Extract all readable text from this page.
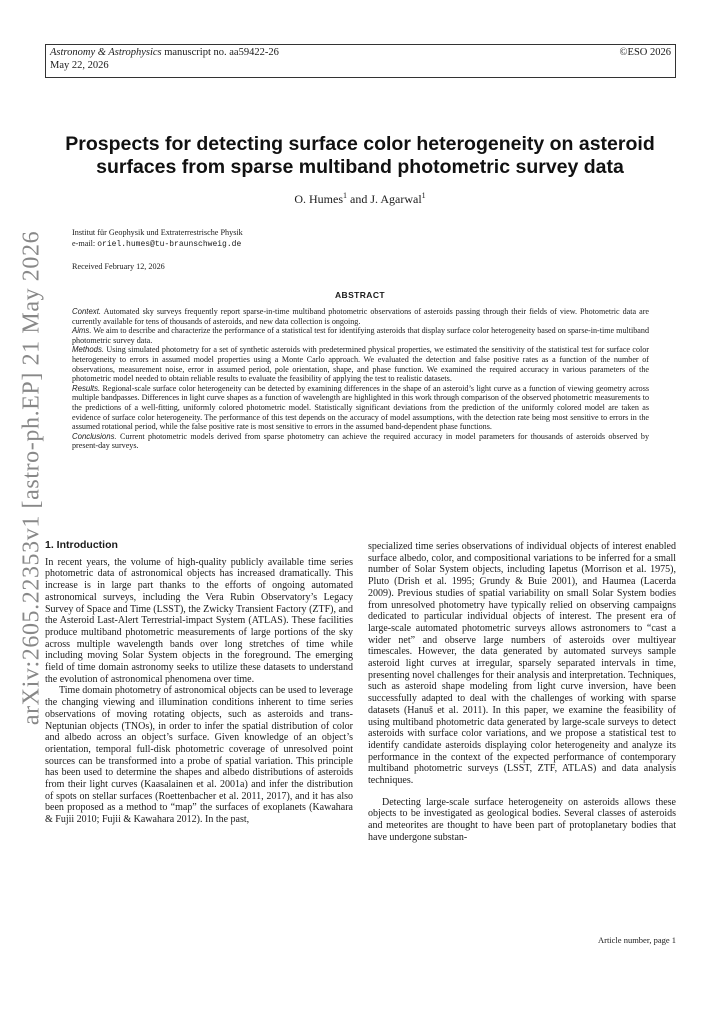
Astronomy & Astrophysics manuscript no. aa59422-26
May 22, 2026
©ESO 2026
arXiv:2605.22353v1 [astro-ph.EP] 21 May 2026
Prospects for detecting surface color heterogeneity on asteroid surfaces from sparse multiband photometric survey data
O. Humes$^1$ and J. Agarwal$^1$
Institut für Geophysik und Extraterrestrische Physik
e-mail: oriel.humes@tu-braunschweig.de
Received February 12, 2026
ABSTRACT

Context. Automated sky surveys frequently report sparse-in-time multiband photometric observations of asteroids passing through their fields of view. Photometric data are currently available for tens of thousands of asteroids, and new data collection is ongoing.

Aims. We aim to describe and characterize the performance of a statistical test for identifying asteroids that display surface color heterogeneity based on sparse-in-time multiband photometric survey data.

Methods. Using simulated photometry for a set of synthetic asteroids with predetermined physical properties, we estimated the sensitivity of the statistical test for surface color heterogeneity to errors in assumed model properties using a Monte Carlo approach. We evaluated the detection and false positive rates as a function of the number of observations, measurement noise, error in assumed period, pole orientation, shape, and phase function. We examined the required accuracy in various parameters of the photometric model needed to obtain reliable results to evaluate the feasibility of applying the test to realistic datasets.

Results. Regional-scale surface color heterogeneity can be detected by examining differences in the shape of an asteroid’s light curve as a function of viewing geometry across multiple bandpasses. Differences in light curve shapes as a function of wavelength are highlighted in this work through comparison of the observed photometric measurements to the predictions of a well-fitting, uniformly colored photometric model. Statistically significant deviations from the prediction of the uniformly colored model are taken as evidence of surface color heterogeneity. The performance of this test depends on the accuracy of model assumptions, with the detection rate being most sensitive to errors in the assumed rotational period, while the false positive rate is most sensitive to errors in the assumed band-dependent phase functions.

Conclusions. Current photometric models derived from sparse photometry can achieve the required accuracy in model parameters for thousands of asteroids observed by present-day surveys.

1. Introduction

In recent years, the volume of high-quality publicly available time series photometric data of astronomical objects has increased dramatically. This increase is in large part thanks to the efforts of ongoing automated astronomical surveys, including the Vera Rubin Observatory’s Legacy Survey of Space and Time (LSST), the Zwicky Transient Factory (ZTF), and the Asteroid Last-Alert Terrestrial-impact System (ATLAS). These facilities produce multiband photometric measurements of large portions of the sky across multiple wavelength bands over long stretches of time while including moving Solar System objects in the foreground. The emerging field of time domain astronomy seeks to utilize these datasets to understand the evolution of astronomical phenomena over time.

Time domain photometry of astronomical objects can be used to leverage the changing viewing and illumination conditions inherent to time series observations of moving rotating objects, such as asteroids and trans-Neptunian objects (TNOs), in order to infer the spatial distribution of color and albedo across an object’s surface. Given knowledge of an object’s orientation, temporal full-disk photometric coverage of unresolved point sources can be transformed into a probe of spatial variation. This principle has been used to determine the shapes and albedo distributions of asteroids from their light curves (Kaasalainen et al. 2001a) and infer the distribution of spots on stellar surfaces (Roettenbacher et al. 2011, 2017), and it has also been proposed as a method to “map” the surfaces of exoplanets (Kawahara & Fujii 2010; Fujii & Kawahara 2012). In the past,

specialized time series observations of individual objects of interest enabled surface albedo, color, and compositional variations to be inferred for a small number of Solar System objects, including Iapetus (Morrison et al. 1975), Pluto (Drish et al. 1995; Grundy & Buie 2001), and Haumea (Lacerda 2009). Previous studies of spatial variability on small Solar System bodies from unresolved photometry have typically relied on observing campaigns dedicated to particular individual objects of interest. The present era of large-scale automated photometric surveys allows astronomers to “cast a wider net” and observe large numbers of asteroids over multiyear timescales. However, the data generated by automated surveys sample asteroid light curves at irregular, sparsely separated intervals in time, presenting novel challenges for their analysis and interpretation. Techniques, such as asteroid shape modeling from light curve inversion, have been successfully adapted to deal with the challenges of working with sparse datasets (Hanuš et al. 2011). In this paper, we examine the feasibility of using multiband photometric data generated by large-scale surveys to detect asteroids with surface color variations, and we propose a statistical test to identify candidate asteroids displaying color heterogeneity and analyze its performance in the context of the expected performance of contemporary multiband photometric surveys (LSST, ZTF, ATLAS) and data analysis techniques.

Detecting large-scale surface heterogeneity on asteroids allows these objects to be investigated as geological bodies. Several classes of asteroids and meteorites are thought to have been part of protoplanetary bodies that have undergone substan-

Article number, page 1
